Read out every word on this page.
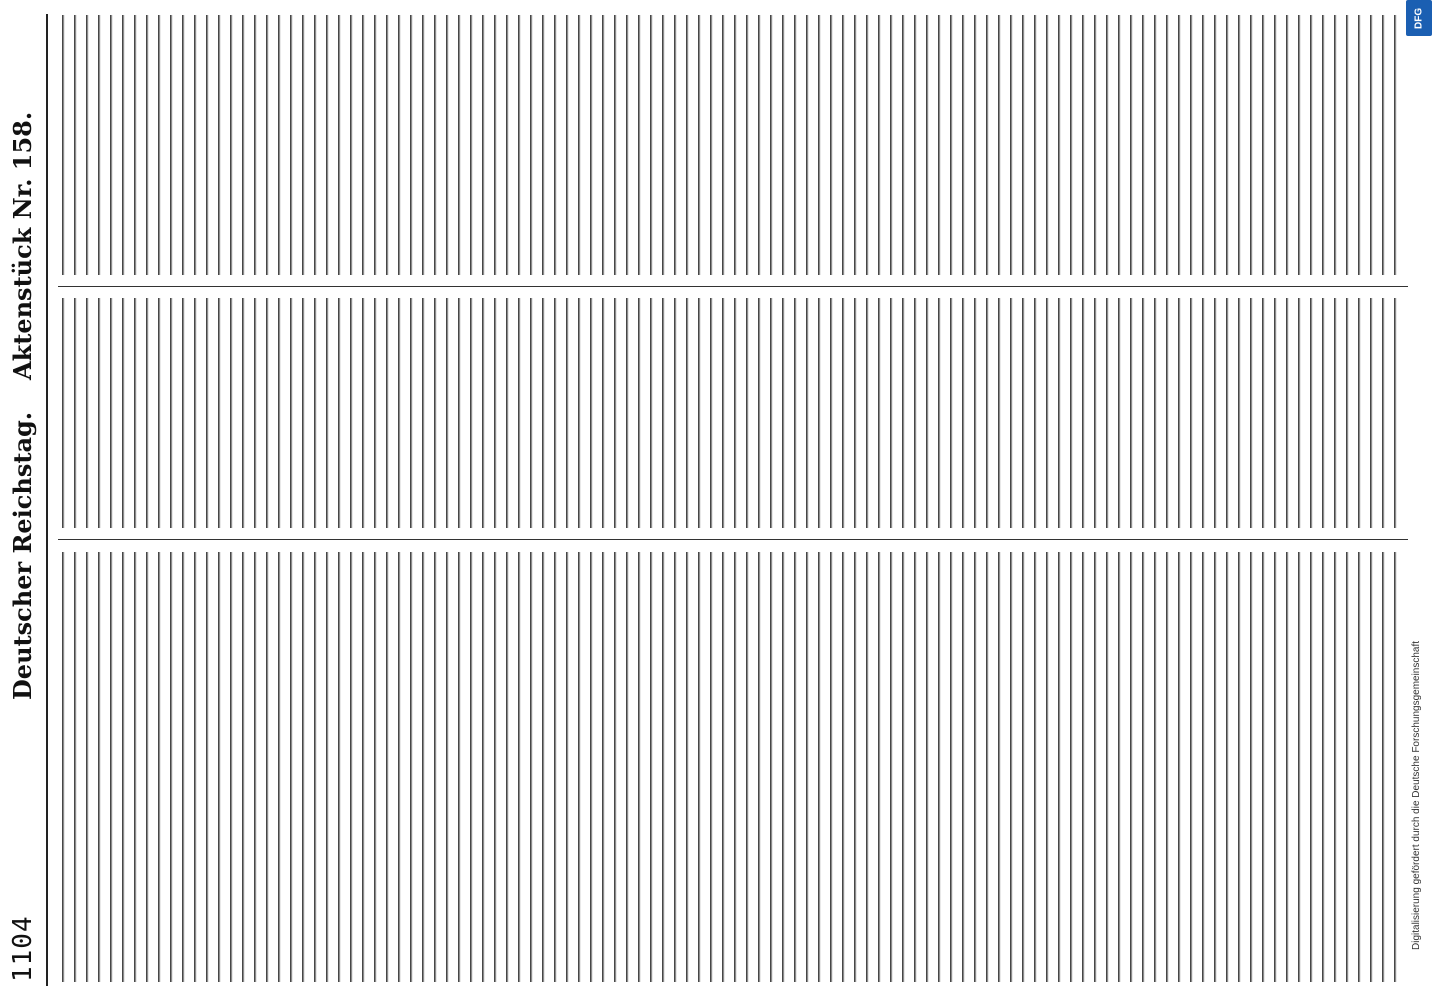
1104
Deutscher Reichstag.
Aktenstück Nr. 158.
DFG
Digitalisierung gefördert durch die Deutsche Forschungsgemeinschaft
